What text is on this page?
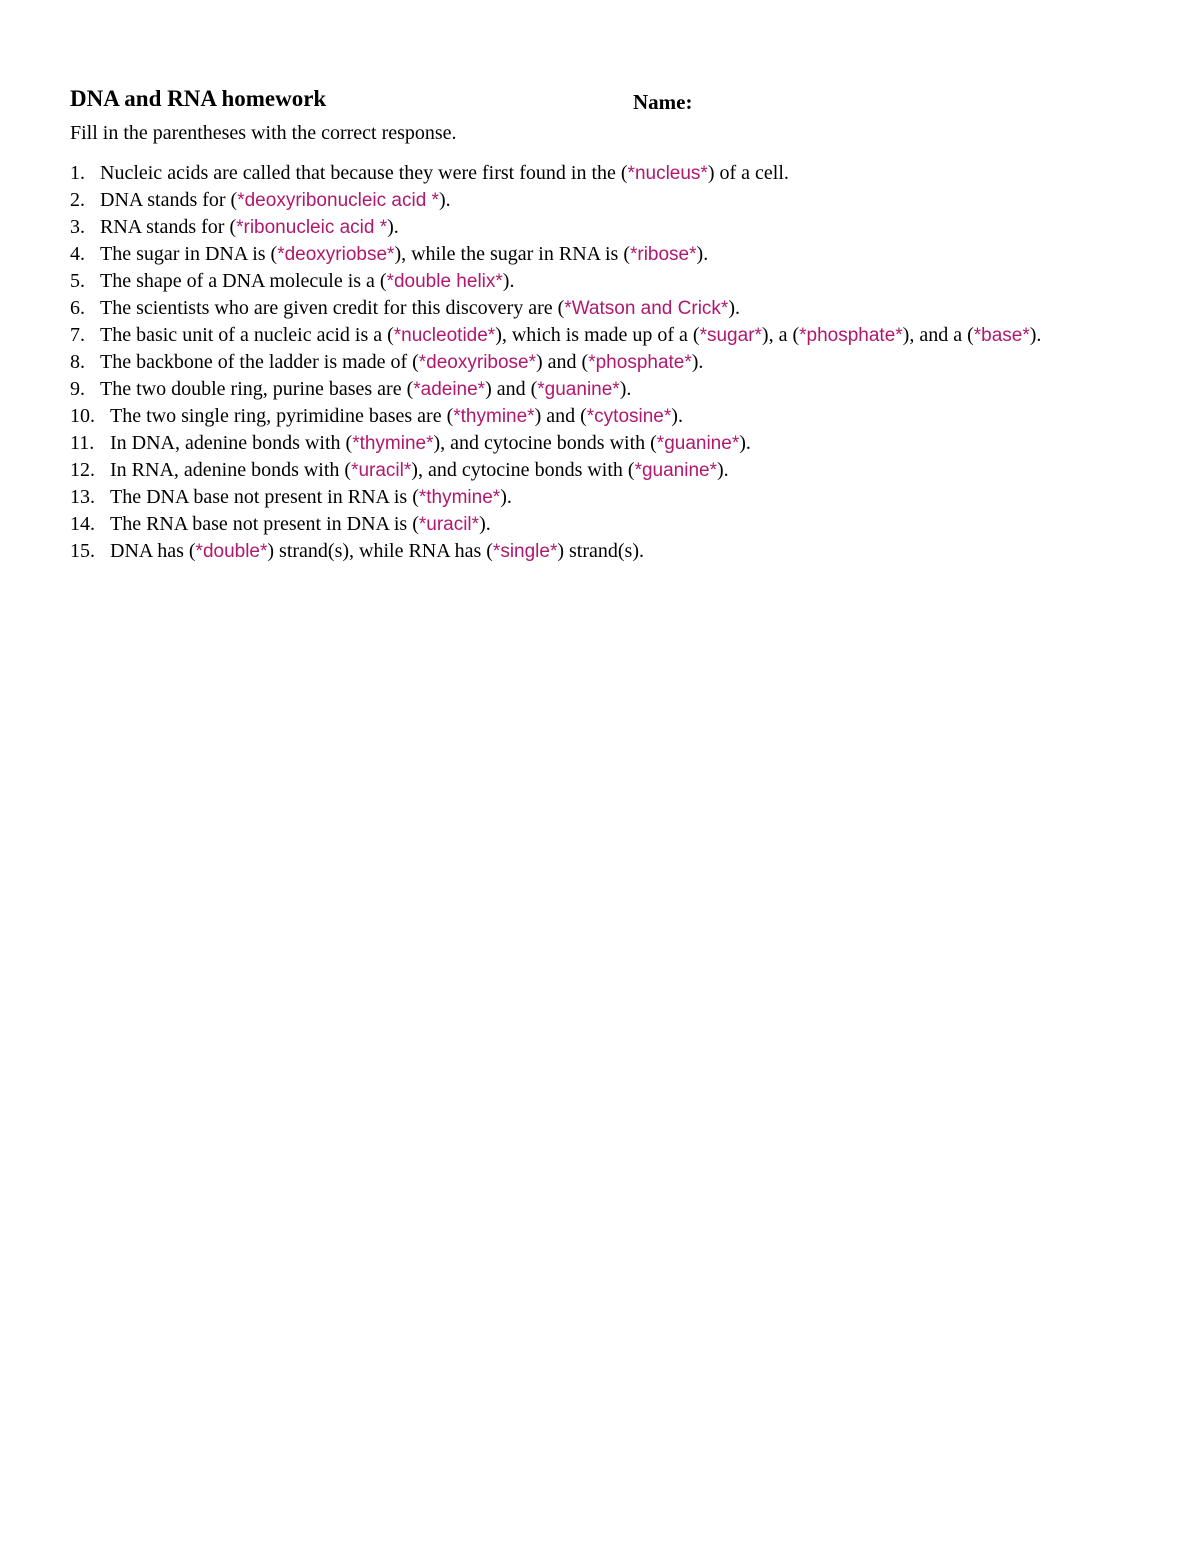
DNA and RNA homework	Name:
Fill in the parentheses with the correct response.
1. Nucleic acids are called that because they were first found in the (*nucleus*) of a cell.
2. DNA stands for (*deoxyribonucleic acid *).
3. RNA stands for (*ribonucleic acid *).
4. The sugar in DNA is (*deoxyriobse*), while the sugar in RNA is (*ribose*).
5. The shape of a DNA molecule is a (*double helix*).
6. The scientists who are given credit for this discovery are (*Watson and Crick*).
7. The basic unit of a nucleic acid is a (*nucleotide*), which is made up of a (*sugar*), a (*phosphate*), and a (*base*).
8. The backbone of the ladder is made of (*deoxyribose*) and (*phosphate*).
9. The two double ring, purine bases are (*adeine*) and (*guanine*).
10. The two single ring, pyrimidine bases are (*thymine*) and (*cytosine*).
11. In DNA, adenine bonds with (*thymine*), and cytocine bonds with (*guanine*).
12. In RNA, adenine bonds with (*uracil*), and cytocine bonds with (*guanine*).
13. The DNA base not present in RNA is (*thymine*).
14. The RNA base not present in DNA is (*uracil*).
15. DNA has (*double*) strand(s), while RNA has (*single*) strand(s).
